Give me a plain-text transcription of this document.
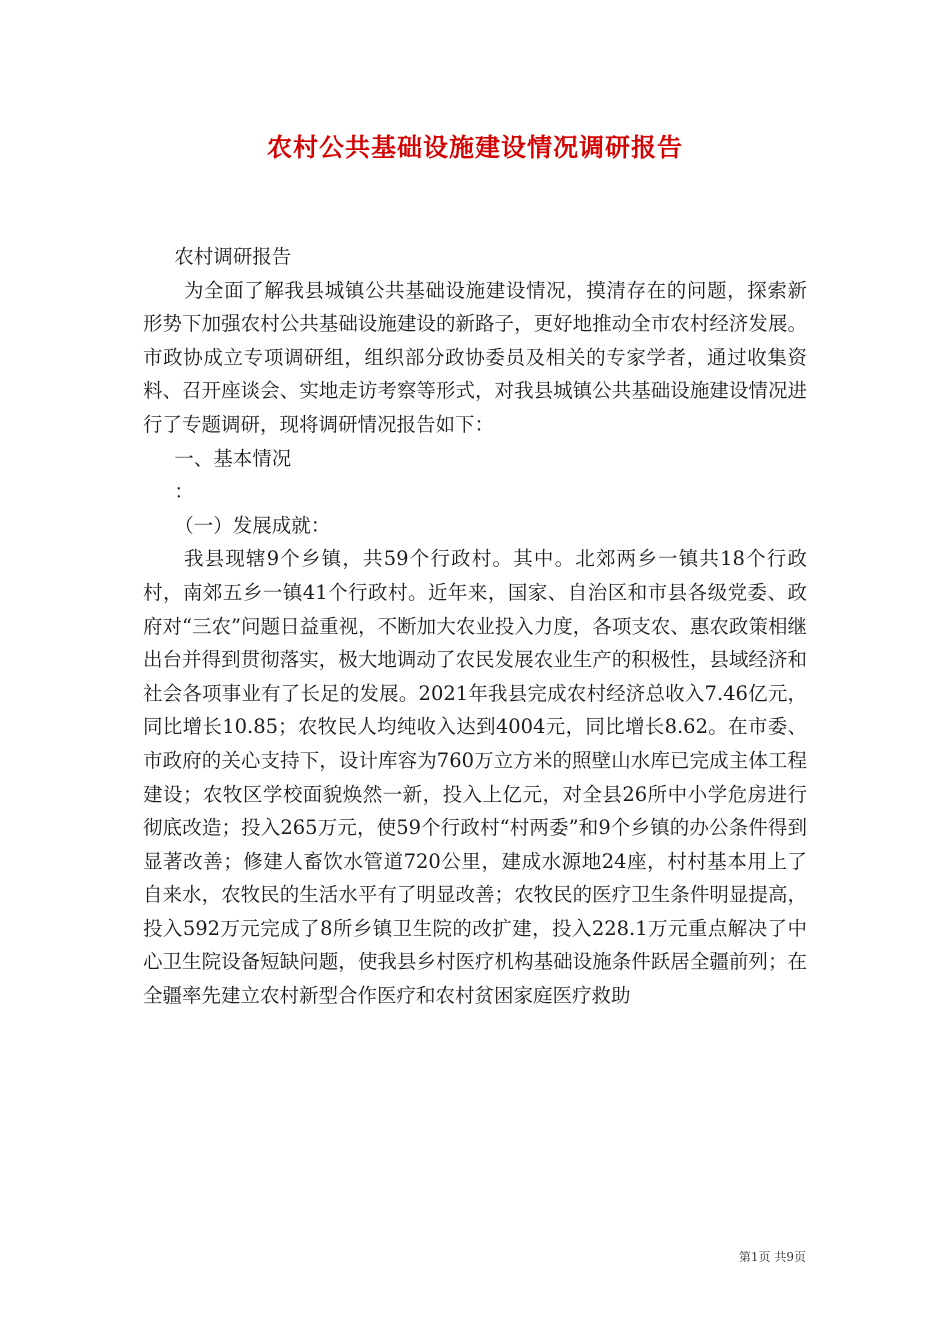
农村公共基础设施建设情况调研报告

农村调研报告

为全面了解我县城镇公共基础设施建设情况，摸清存在的问题，探索新形势下加强农村公共基础设施建设的新路子，更好地推动全市农村经济发展。市政协成立专项调研组，组织部分政协委员及相关的专家学者，通过收集资料、召开座谈会、实地走访考察等形式，对我县城镇公共基础设施建设情况进行了专题调研，现将调研情况报告如下：

一、基本情况

：

（一）发展成就：

我县现辖9个乡镇，共59个行政村。其中。北郊两乡一镇共18个行政村，南郊五乡一镇41个行政村。近年来，国家、自治区和市县各级党委、政府对“三农”问题日益重视，不断加大农业投入力度，各项支农、惠农政策相继出台并得到贯彻落实，极大地调动了农民发展农业生产的积极性，县域经济和社会各项事业有了长足的发展。2021年我县完成农村经济总收入7.46亿元，同比增长10.85；农牧民人均纯收入达到4004元，同比增长8.62。在市委、市政府的关心支持下，设计库容为760万立方米的照壁山水库已完成主体工程建设；农牧区学校面貌焕然一新，投入上亿元，对全县26所中小学危房进行彻底改造；投入265万元，使59个行政村“村两委”和9个乡镇的办公条件得到显著改善；修建人畜饮水管道720公里，建成水源地24座，村村基本用上了自来水，农牧民的生活水平有了明显改善；农牧民的医疗卫生条件明显提高，投入592万元完成了8所乡镇卫生院的改扩建，投入228.1万元重点解决了中心卫生院设备短缺问题，使我县乡村医疗机构基础设施条件跃居全疆前列；在全疆率先建立农村新型合作医疗和农村贫困家庭医疗救助

第1页 共9页
